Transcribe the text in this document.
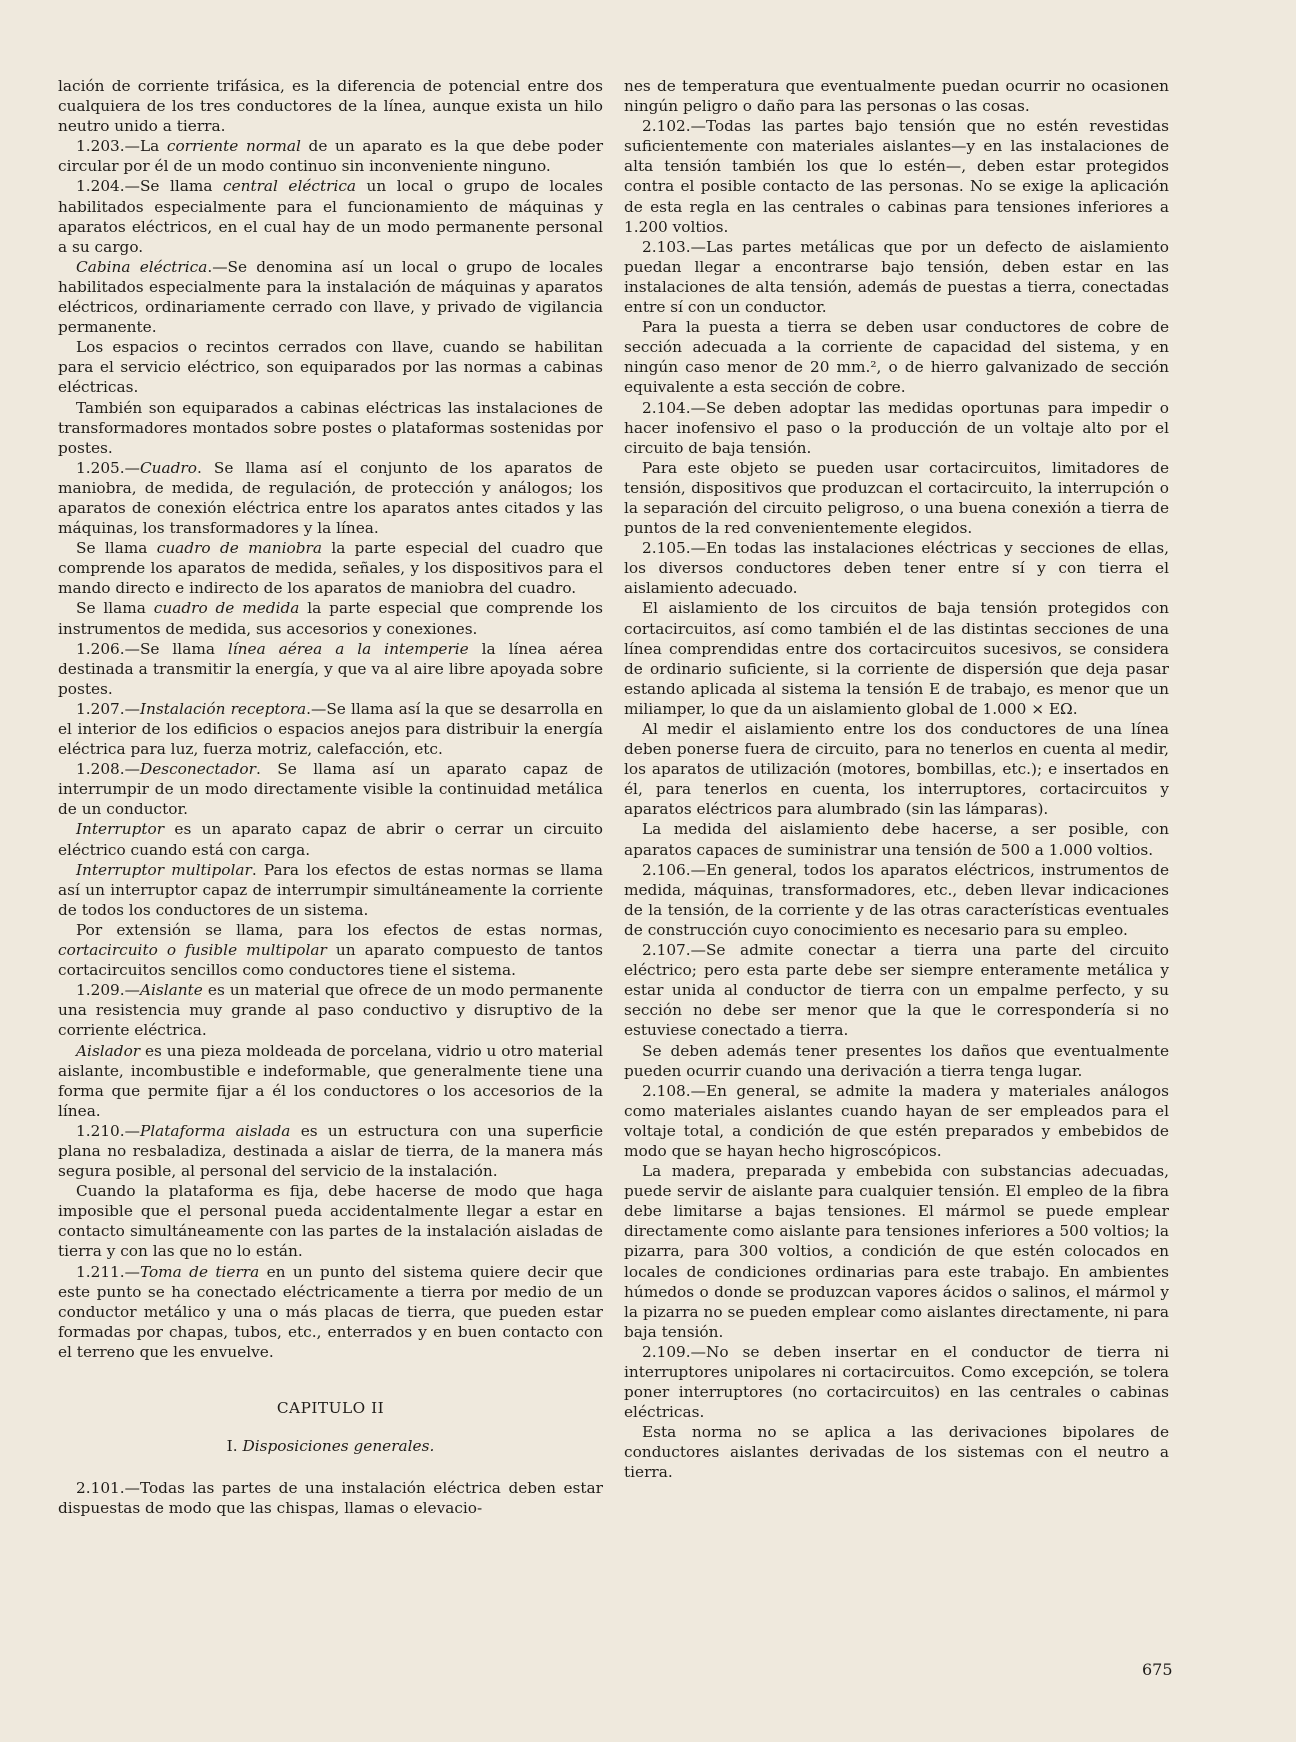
lación de corriente trifásica, es la diferencia de potencial entre dos cualquiera de los tres conductores de la línea, aunque exista un hilo neutro unido a tierra.

1.203.—La corriente normal de un aparato es la que debe poder circular por él de un modo continuo sin inconveniente ninguno.

1.204.—Se llama central eléctrica un local o grupo de locales habilitados especialmente para el funcionamiento de máquinas y aparatos eléctricos, en el cual hay de un modo permanente personal a su cargo.

Cabina eléctrica.—Se denomina así un local o grupo de locales habilitados especialmente para la instalación de máquinas y aparatos eléctricos, ordinariamente cerrado con llave, y privado de vigilancia permanente.

Los espacios o recintos cerrados con llave, cuando se habilitan para el servicio eléctrico, son equiparados por las normas a cabinas eléctricas.

También son equiparados a cabinas eléctricas las instalaciones de transformadores montados sobre postes o plataformas sostenidas por postes.

1.205.—Cuadro. Se llama así el conjunto de los aparatos de maniobra, de medida, de regulación, de protección y análogos; los aparatos de conexión eléctrica entre los aparatos antes citados y las máquinas, los transformadores y la línea.

Se llama cuadro de maniobra la parte especial del cuadro que comprende los aparatos de medida, señales, y los dispositivos para el mando directo e indirecto de los aparatos de maniobra del cuadro.

Se llama cuadro de medida la parte especial que comprende los instrumentos de medida, sus accesorios y conexiones.

1.206.—Se llama línea aérea a la intemperie la línea aérea destinada a transmitir la energía, y que va al aire libre apoyada sobre postes.

1.207.—Instalación receptora.—Se llama así la que se desarrolla en el interior de los edificios o espacios anejos para distribuir la energía eléctrica para luz, fuerza motriz, calefacción, etc.

1.208.—Desconectador. Se llama así un aparato capaz de interrumpir de un modo directamente visible la continuidad metálica de un conductor.

Interruptor es un aparato capaz de abrir o cerrar un circuito eléctrico cuando está con carga.

Interruptor multipolar. Para los efectos de estas normas se llama así un interruptor capaz de interrumpir simultáneamente la corriente de todos los conductores de un sistema.

Por extensión se llama, para los efectos de estas normas, cortacircuito o fusible multipolar un aparato compuesto de tantos cortacircuitos sencillos como conductores tiene el sistema.

1.209.—Aislante es un material que ofrece de un modo permanente una resistencia muy grande al paso conductivo y disruptivo de la corriente eléctrica.

Aislador es una pieza moldeada de porcelana, vidrio u otro material aislante, incombustible e indeformable, que generalmente tiene una forma que permite fijar a él los conductores o los accesorios de la línea.

1.210.—Plataforma aislada es un estructura con una superficie plana no resbaladiza, destinada a aislar de tierra, de la manera más segura posible, al personal del servicio de la instalación.

Cuando la plataforma es fija, debe hacerse de modo que haga imposible que el personal pueda accidentalmente llegar a estar en contacto simultáneamente con las partes de la instalación aisladas de tierra y con las que no lo están.

1.211.—Toma de tierra en un punto del sistema quiere decir que este punto se ha conectado eléctricamente a tierra por medio de un conductor metálico y una o más placas de tierra, que pueden estar formadas por chapas, tubos, etc., enterrados y en buen contacto con el terreno que les envuelve.

CAPITULO II

I. Disposiciones generales.

2.101.—Todas las partes de una instalación eléctrica deben estar dispuestas de modo que las chispas, llamas o elevacio-

nes de temperatura que eventualmente puedan ocurrir no ocasionen ningún peligro o daño para las personas o las cosas.

2.102.—Todas las partes bajo tensión que no estén revestidas suficientemente con materiales aislantes—y en las instalaciones de alta tensión también los que lo estén—, deben estar protegidos contra el posible contacto de las personas. No se exige la aplicación de esta regla en las centrales o cabinas para tensiones inferiores a 1.200 voltios.

2.103.—Las partes metálicas que por un defecto de aislamiento puedan llegar a encontrarse bajo tensión, deben estar en las instalaciones de alta tensión, además de puestas a tierra, conectadas entre sí con un conductor.

Para la puesta a tierra se deben usar conductores de cobre de sección adecuada a la corriente de capacidad del sistema, y en ningún caso menor de 20 mm.², o de hierro galvanizado de sección equivalente a esta sección de cobre.

2.104.—Se deben adoptar las medidas oportunas para impedir o hacer inofensivo el paso o la producción de un voltaje alto por el circuito de baja tensión.

Para este objeto se pueden usar cortacircuitos, limitadores de tensión, dispositivos que produzcan el cortacircuito, la interrupción o la separación del circuito peligroso, o una buena conexión a tierra de puntos de la red convenientemente elegidos.

2.105.—En todas las instalaciones eléctricas y secciones de ellas, los diversos conductores deben tener entre sí y con tierra el aislamiento adecuado.

El aislamiento de los circuitos de baja tensión protegidos con cortacircuitos, así como también el de las distintas secciones de una línea comprendidas entre dos cortacircuitos sucesivos, se considera de ordinario suficiente, si la corriente de dispersión que deja pasar estando aplicada al sistema la tensión E de trabajo, es menor que un miliamper, lo que da un aislamiento global de 1.000 × EΩ.

Al medir el aislamiento entre los dos conductores de una línea deben ponerse fuera de circuito, para no tenerlos en cuenta al medir, los aparatos de utilización (motores, bombillas, etc.); e insertados en él, para tenerlos en cuenta, los interruptores, cortacircuitos y aparatos eléctricos para alumbrado (sin las lámparas).

La medida del aislamiento debe hacerse, a ser posible, con aparatos capaces de suministrar una tensión de 500 a 1.000 voltios.

2.106.—En general, todos los aparatos eléctricos, instrumentos de medida, máquinas, transformadores, etc., deben llevar indicaciones de la tensión, de la corriente y de las otras características eventuales de construcción cuyo conocimiento es necesario para su empleo.

2.107.—Se admite conectar a tierra una parte del circuito eléctrico; pero esta parte debe ser siempre enteramente metálica y estar unida al conductor de tierra con un empalme perfecto, y su sección no debe ser menor que la que le correspondería si no estuviese conectado a tierra.

Se deben además tener presentes los daños que eventualmente pueden ocurrir cuando una derivación a tierra tenga lugar.

2.108.—En general, se admite la madera y materiales análogos como materiales aislantes cuando hayan de ser empleados para el voltaje total, a condición de que estén preparados y embebidos de modo que se hayan hecho higroscópicos.

La madera, preparada y embebida con substancias adecuadas, puede servir de aislante para cualquier tensión. El empleo de la fibra debe limitarse a bajas tensiones. El mármol se puede emplear directamente como aislante para tensiones inferiores a 500 voltios; la pizarra, para 300 voltios, a condición de que estén colocados en locales de condiciones ordinarias para este trabajo. En ambientes húmedos o donde se produzcan vapores ácidos o salinos, el mármol y la pizarra no se pueden emplear como aislantes directamente, ni para baja tensión.

2.109.—No se deben insertar en el conductor de tierra ni interruptores unipolares ni cortacircuitos. Como excepción, se tolera poner interruptores (no cortacircuitos) en las centrales o cabinas eléctricas.

Esta norma no se aplica a las derivaciones bipolares de conductores aislantes derivadas de los sistemas con el neutro a tierra.

675
